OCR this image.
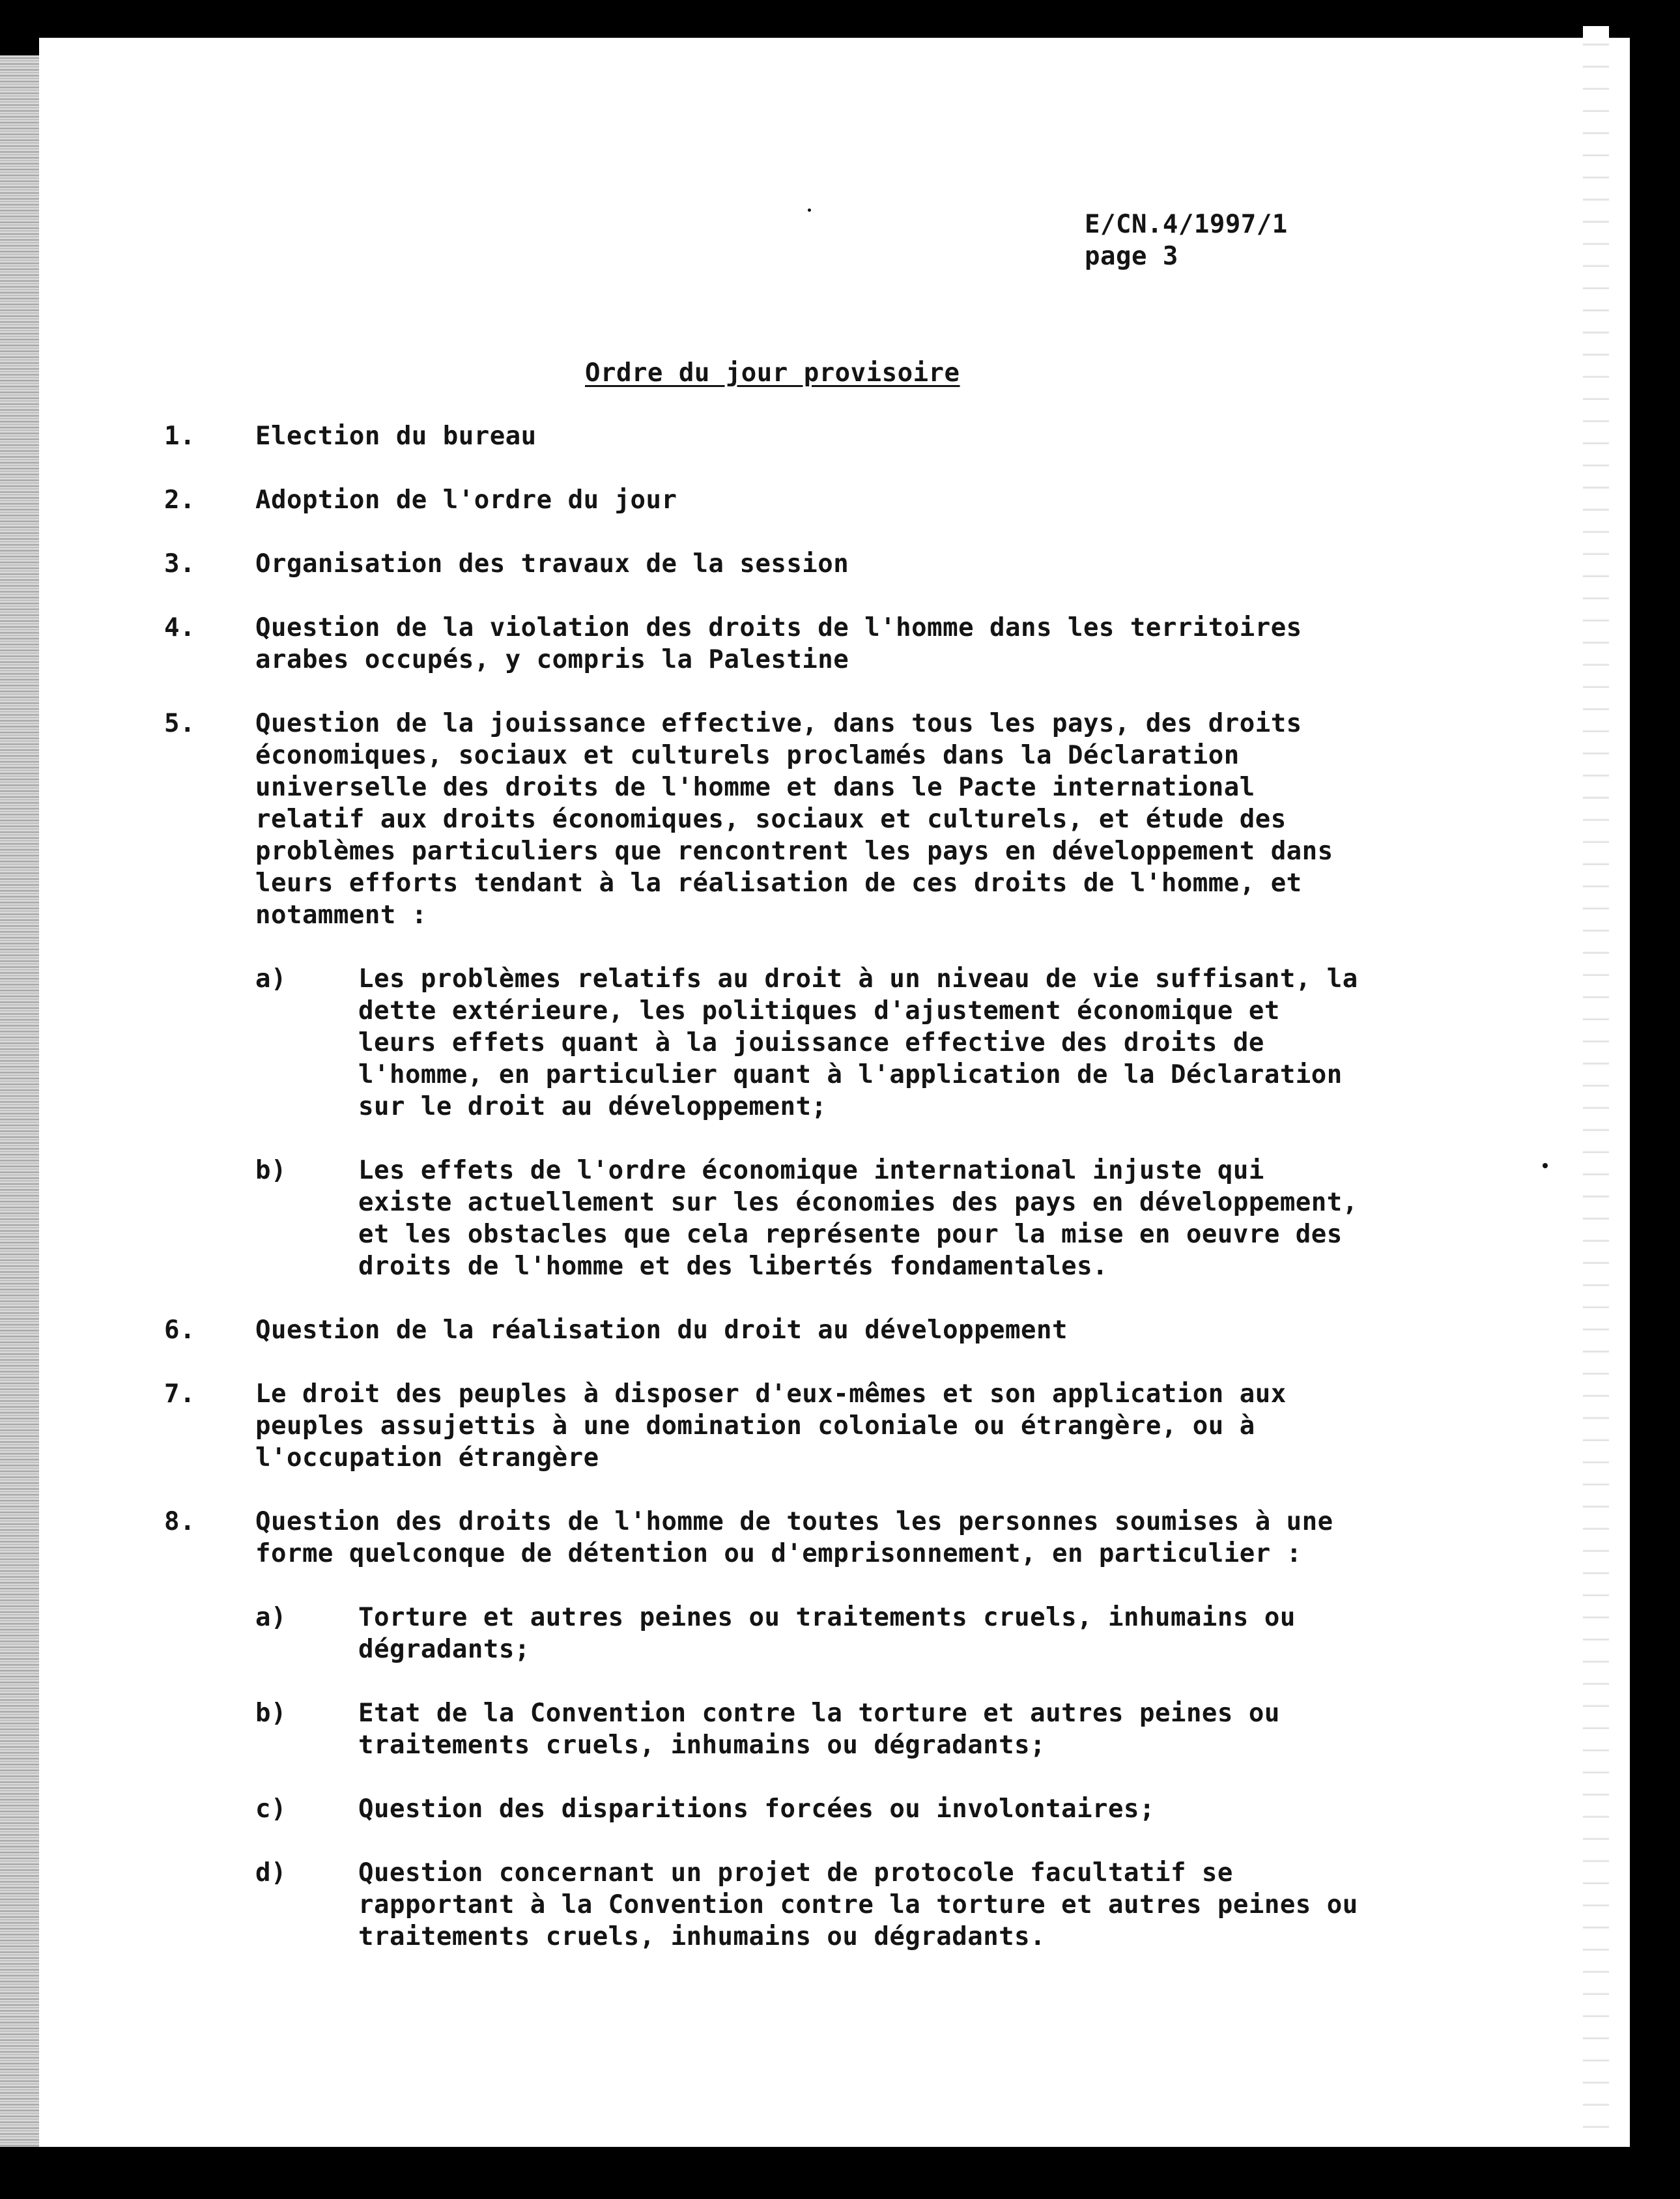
E/CN.4/1997/1
page 3
Ordre du jour provisoire
1.	Election du bureau
2.	Adoption de l'ordre du jour
3.	Organisation des travaux de la session
4.	Question de la violation des droits de l'homme dans les territoires
arabes occupés, y compris la Palestine
5.	Question de la jouissance effective, dans tous les pays, des droits
économiques, sociaux et culturels proclamés dans la Déclaration
universelle des droits de l'homme et dans le Pacte international
relatif aux droits économiques, sociaux et culturels, et étude des
problèmes particuliers que rencontrent les pays en développement dans
leurs efforts tendant à la réalisation de ces droits de l'homme, et
notamment :
a)	Les problèmes relatifs au droit à un niveau de vie suffisant, la
dette extérieure, les politiques d'ajustement économique et
leurs effets quant à la jouissance effective des droits de
l'homme, en particulier quant à l'application de la Déclaration
sur le droit au développement;
b)	Les effets de l'ordre économique international injuste qui
existe actuellement sur les économies des pays en développement,
et les obstacles que cela représente pour la mise en oeuvre des
droits de l'homme et des libertés fondamentales.
6.	Question de la réalisation du droit au développement
7.	Le droit des peuples à disposer d'eux-mêmes et son application aux
peuples assujettis à une domination coloniale ou étrangère, ou à
l'occupation étrangère
8.	Question des droits de l'homme de toutes les personnes soumises à une
forme quelconque de détention ou d'emprisonnement, en particulier :
a)	Torture et autres peines ou traitements cruels, inhumains ou
dégradants;
b)	Etat de la Convention contre la torture et autres peines ou
traitements cruels, inhumains ou dégradants;
c)	Question des disparitions forcées ou involontaires;
d)	Question concernant un projet de protocole facultatif se
rapportant à la Convention contre la torture et autres peines ou
traitements cruels, inhumains ou dégradants.
